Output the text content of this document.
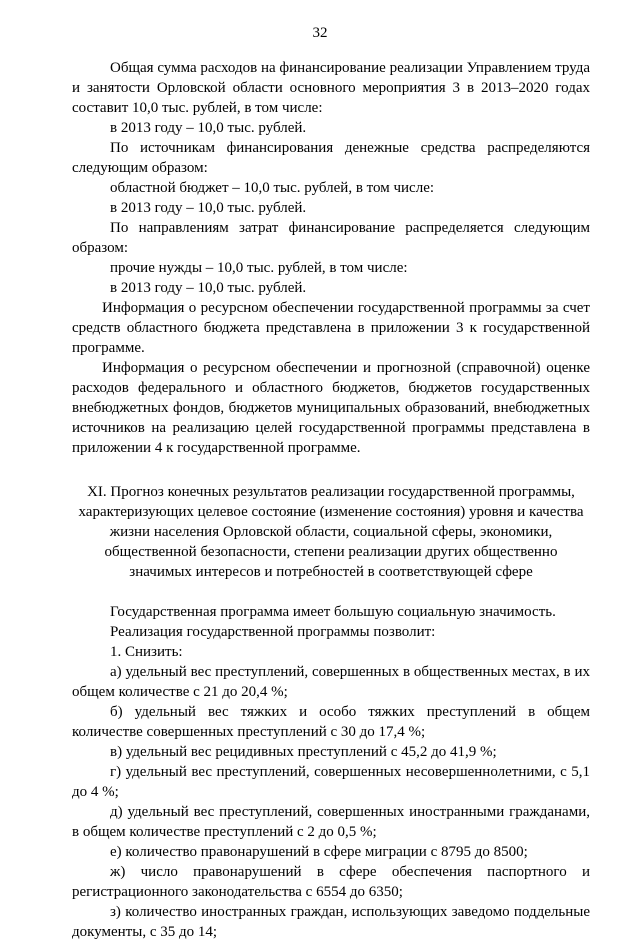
32

Общая сумма расходов на финансирование реализации Управлением труда и занятости Орловской области основного мероприятия 3 в 2013–2020 годах составит 10,0 тыс. рублей, в том числе:

в 2013 году – 10,0 тыс. рублей.

По источникам финансирования денежные средства распределяются следующим образом:

областной бюджет – 10,0 тыс. рублей, в том числе:

в 2013 году – 10,0 тыс. рублей.

По направлениям затрат финансирование распределяется следующим образом:

прочие нужды – 10,0 тыс. рублей, в том числе:

в 2013 году – 10,0 тыс. рублей.

Информация о ресурсном обеспечении государственной программы за счет средств областного бюджета представлена в приложении 3 к государственной программе.

Информация о ресурсном обеспечении и прогнозной (справочной) оценке расходов федерального и областного бюджетов, бюджетов государственных внебюджетных фондов, бюджетов муниципальных образований, внебюджетных источников на реализацию целей государственной программы представлена в приложении 4 к государственной программе.

XI. Прогноз конечных результатов реализации государственной программы, характеризующих целевое состояние (изменение состояния) уровня и качества жизни населения Орловской области, социальной сферы, экономики, общественной безопасности, степени реализации других общественно значимых интересов и потребностей в соответствующей сфере

Государственная программа имеет большую социальную значимость.

Реализация государственной программы позволит:

1. Снизить:

а) удельный вес преступлений, совершенных в общественных местах, в их общем количестве с 21 до 20,4 %;

б) удельный вес тяжких и особо тяжких преступлений в общем количестве совершенных преступлений с 30 до 17,4 %;

в) удельный вес рецидивных преступлений с 45,2 до 41,9 %;

г) удельный вес преступлений, совершенных несовершеннолетними, с 5,1 до 4 %;

д) удельный вес преступлений, совершенных иностранными гражданами, в общем количестве преступлений с 2 до 0,5 %;

е) количество правонарушений в сфере миграции с 8795 до 8500;

ж) число правонарушений в сфере обеспечения паспортного и регистрационного законодательства с 6554 до 6350;

з) количество иностранных граждан, использующих заведомо поддельные документы, с 35 до 14;
